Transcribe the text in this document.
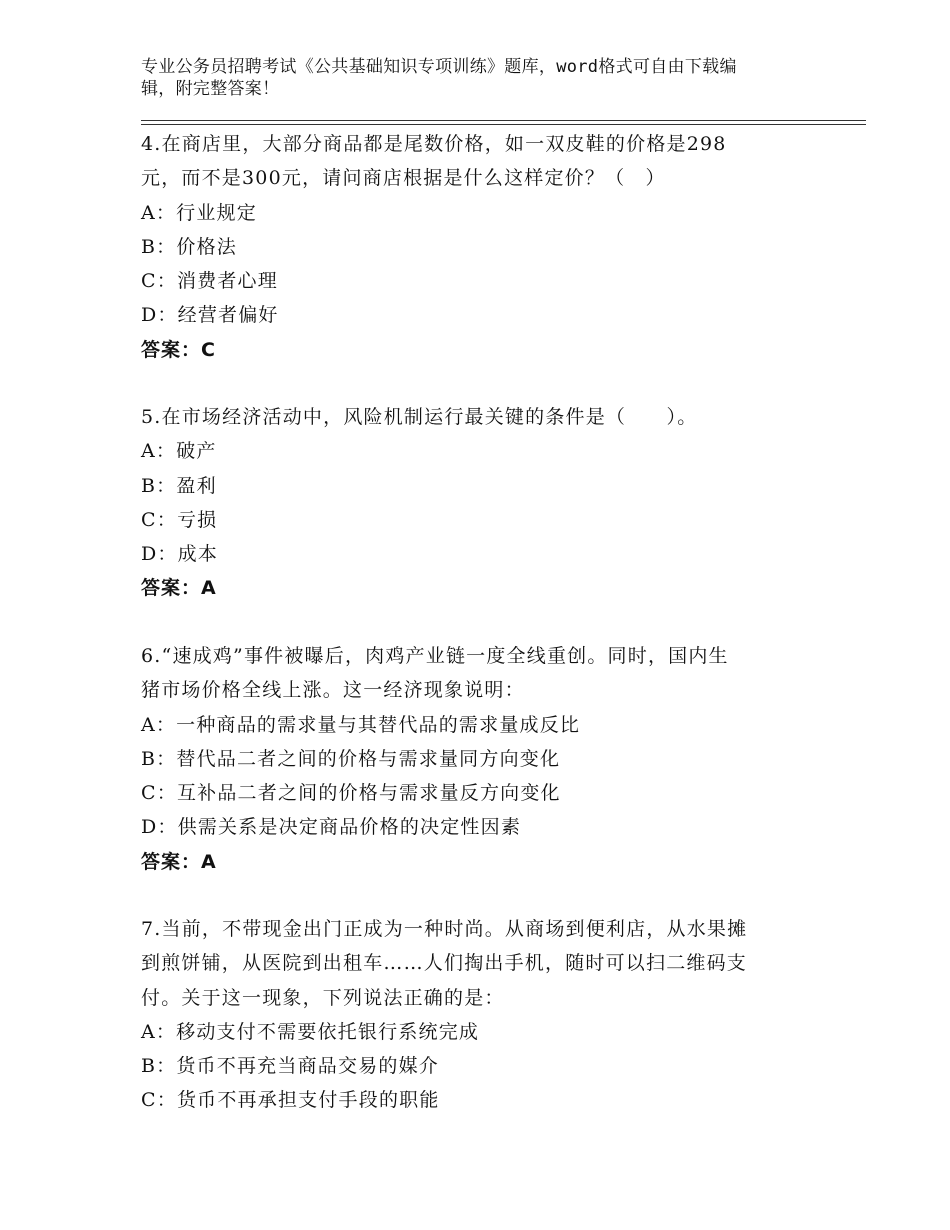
专业公务员招聘考试《公共基础知识专项训练》题库，word格式可自由下载编
辑，附完整答案！

4.在商店里，大部分商品都是尾数价格，如一双皮鞋的价格是298

元，而不是300元，请问商店根据是什么这样定价？（　）

A：行业规定

B：价格法

C：消费者心理

D：经营者偏好

答案：C

5.在市场经济活动中，风险机制运行最关键的条件是（　　）。

A：破产

B：盈利

C：亏损

D：成本

答案：A

6.“速成鸡”事件被曝后，肉鸡产业链一度全线重创。同时，国内生

猪市场价格全线上涨。这一经济现象说明：

A：一种商品的需求量与其替代品的需求量成反比

B：替代品二者之间的价格与需求量同方向变化

C：互补品二者之间的价格与需求量反方向变化

D：供需关系是决定商品价格的决定性因素

答案：A

7.当前，不带现金出门正成为一种时尚。从商场到便利店，从水果摊

到煎饼铺，从医院到出租车……人们掏出手机，随时可以扫二维码支

付。关于这一现象，下列说法正确的是：

A：移动支付不需要依托银行系统完成

B：货币不再充当商品交易的媒介

C：货币不再承担支付手段的职能
